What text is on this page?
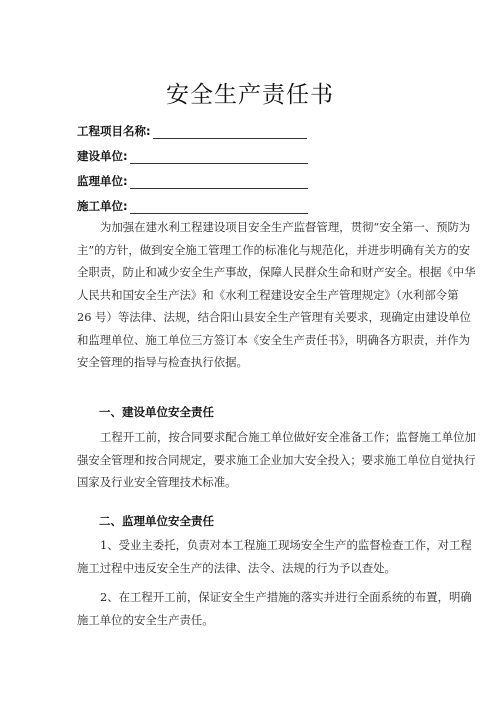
安全生产责任书
工程项目名称:
建设单位:
监理单位:
施工单位:
为加强在建水利工程建设项目安全生产监督管理，贯彻“安全第一、预防为
主”的方针，做到安全施工管理工作的标准化与规范化，并进步明确有关方的安
全职责，防止和减少安全生产事故，保障人民群众生命和财产安全。根据《中华
人民共和国安全生产法》和《水利工程建设安全生产管理规定》（水利部令第
26 号）等法律、法规，结合阳山县安全生产管理有关要求，现确定由建设单位
和监理单位、施工单位三方签订本《安全生产责任书》，明确各方职责，并作为
安全管理的指导与检查执行依据。
一、建设单位安全责任
工程开工前，按合同要求配合施工单位做好安全准备工作；监督施工单位加
强安全管理和按合同规定，要求施工企业加大安全投入；要求施工单位自觉执行
国家及行业安全管理技术标准。
二、监理单位安全责任
1、受业主委托，负责对本工程施工现场安全生产的监督检查工作，对工程
施工过程中违反安全生产的法律、法令、法规的行为予以查处。
2、在工程开工前，保证安全生产措施的落实并进行全面系统的布置，明确
施工单位的安全生产责任。
